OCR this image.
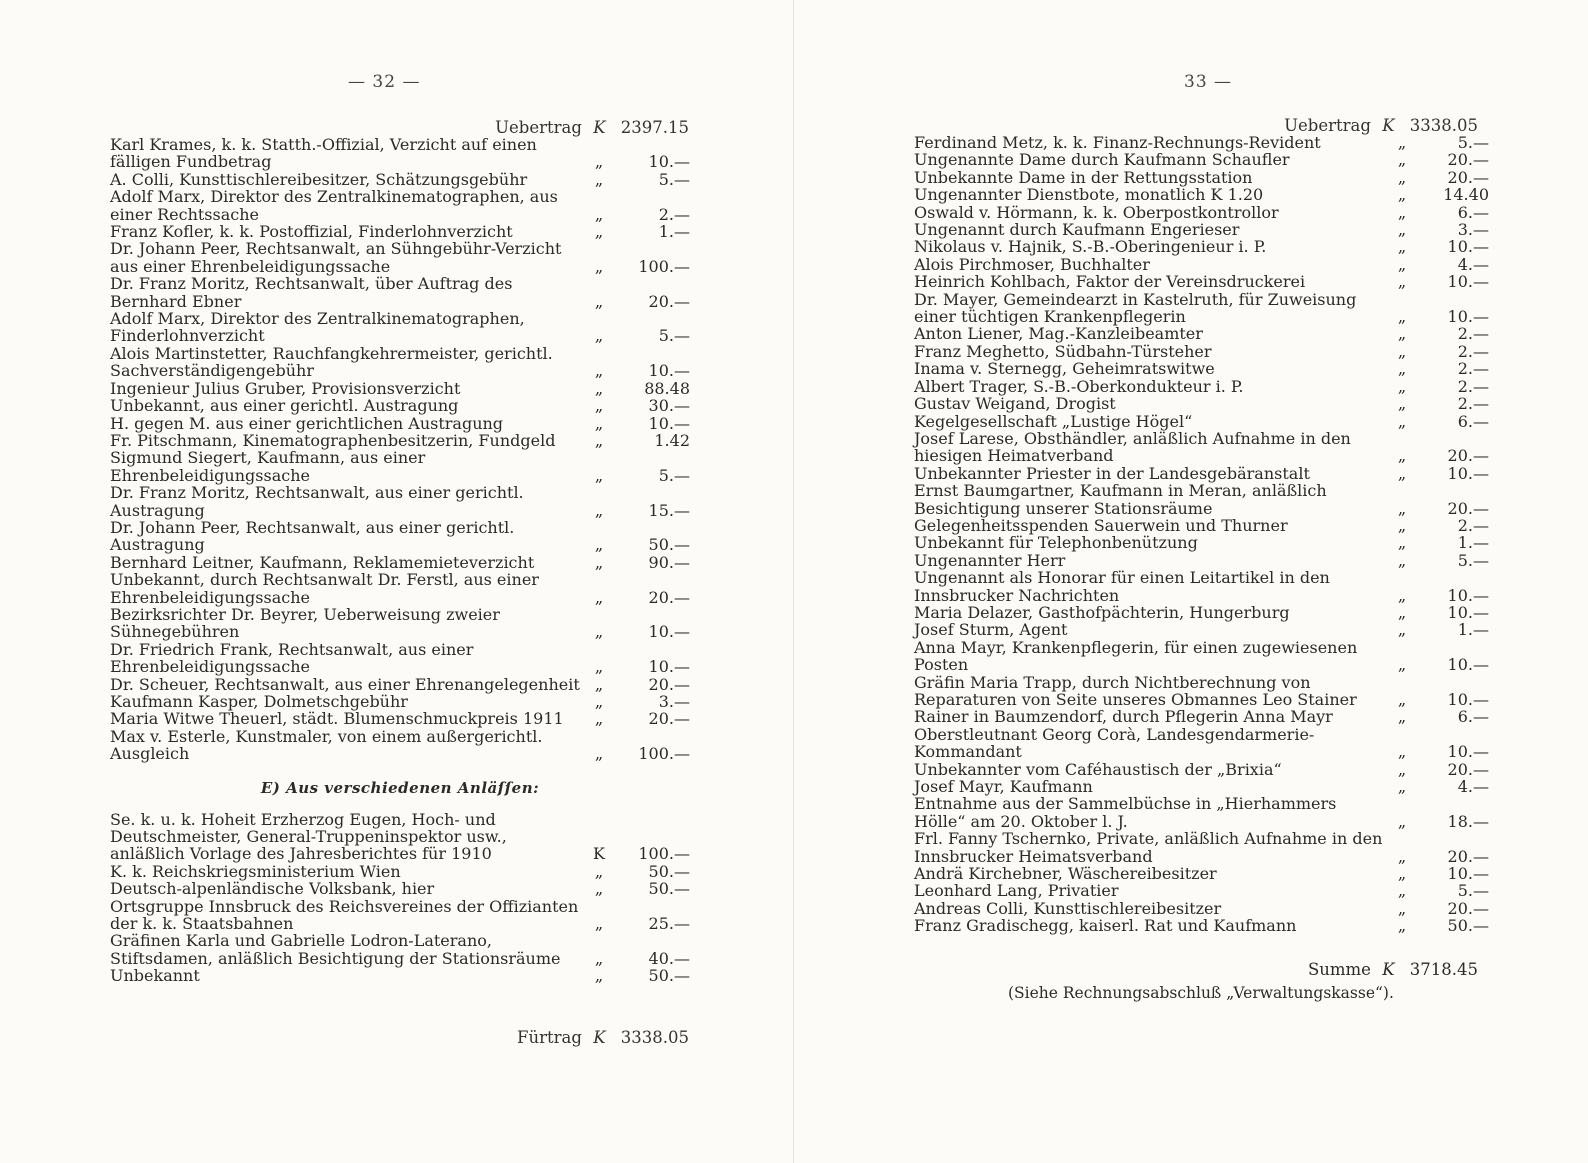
— 32 —
Uebertrag K 2397.15
Karl Krames, k. k. Statth.-Offizial, Verzicht auf einen fälligen Fundbetrag	„	10.—
A. Colli, Kunsttischlereibesitzer, Schätzungsgebühr	„	5.—
Adolf Marx, Direktor des Zentralkinematographen, aus einer Rechtssache	„	2.—
Franz Kofler, k. k. Postoffizial, Finderlohnverzicht	„	1.—
Dr. Johann Peer, Rechtsanwalt, an Sühngebühr-Verzicht aus einer Ehrenbeleidigungssache	„	100.—
Dr. Franz Moritz, Rechtsanwalt, über Auftrag des Bernhard Ebner	„	20.—
Adolf Marx, Direktor des Zentralkinematographen, Finderlohnverzicht	„	5.—
Alois Martinstetter, Rauchfangkehrermeister, gerichtl. Sachverständigengebühr	„	10.—
Ingenieur Julius Gruber, Provisionsverzicht	„	88.48
Unbekannt, aus einer gerichtl. Austragung	„	30.—
H. gegen M. aus einer gerichtlichen Austragung	„	10.—
Fr. Pitschmann, Kinematographenbesitzerin, Fundgeld	„	1.42
Sigmund Siegert, Kaufmann, aus einer Ehrenbeleidigungssache	„	5.—
Dr. Franz Moritz, Rechtsanwalt, aus einer gerichtl. Austragung	„	15.—
Dr. Johann Peer, Rechtsanwalt, aus einer gerichtl. Austragung	„	50.—
Bernhard Leitner, Kaufmann, Reklamemieteverzicht	„	90.—
Unbekannt, durch Rechtsanwalt Dr. Ferstl, aus einer Ehrenbeleidigungssache	„	20.—
Bezirksrichter Dr. Beyrer, Ueberweisung zweier Sühnegebühren	„	10.—
Dr. Friedrich Frank, Rechtsanwalt, aus einer Ehrenbeleidigungssache	„	10.—
Dr. Scheuer, Rechtsanwalt, aus einer Ehrenangelegenheit „	20.—
Kaufmann Kasper, Dolmetschgebühr	„	3.—
Maria Witwe Theuerl, städt. Blumenschmuckpreis 1911	„	20.—
Max v. Esterle, Kunstmaler, von einem außergerichtl. Ausgleich	„	100.—
E) Aus verschiedenen Anläſſen:
Se. k. u. k. Hoheit Erzherzog Eugen, Hoch- und Deutschmeister, General-Truppeninspektor usw., anläßlich Vorlage des Jahresberichtes für 1910	K	100.—
K. k. Reichskriegsministerium Wien	„	50.—
Deutsch-alpenländische Volksbank, hier	„	50.—
Ortsgruppe Innsbruck des Reichsvereines der Offizianten der k. k. Staatsbahnen	„	25.—
Gräfinen Karla und Gabrielle Lodron-Laterano, Stiftsdamen, anläßlich Besichtigung der Stationsräume	„	40.—
Unbekannt	„	50.—
Fürtrag K 3338.05
33 —
Uebertrag K 3338.05
Ferdinand Metz, k. k. Finanz-Rechnungs-Revident	„	5.—
Ungenannte Dame durch Kaufmann Schaufler	„	20.—
Unbekannte Dame in der Rettungsstation	„	20.—
Ungenannter Dienstbote, monatlich K 1.20	„	14.40
Oswald v. Hörmann, k. k. Oberpostkontrollor	„	6.—
Ungenannt durch Kaufmann Engerieser	„	3.—
Nikolaus v. Hajnik, S.-B.-Oberingenieur i. P.	„	10.—
Alois Pirchmoser, Buchhalter	„	4.—
Heinrich Kohlbach, Faktor der Vereinsdruckerei	„	10.—
Dr. Mayer, Gemeindearzt in Kastelruth, für Zuweisung einer tüchtigen Krankenpflegerin	„	10.—
Anton Liener, Mag.-Kanzleibeamter	„	2.—
Franz Meghetto, Südbahn-Türsteher	„	2.—
Inama v. Sternegg, Geheimratswitwe	„	2.—
Albert Trager, S.-B.-Oberkondukteur i. P.	„	2.—
Gustav Weigand, Drogist	„	2.—
Kegelgesellschaft „Lustige Högel“	„	6.—
Josef Larese, Obsthändler, anläßlich Aufnahme in den hiesigen Heimatverband	„	20.—
Unbekannter Priester in der Landesgebäranstalt	„	10.—
Ernst Baumgartner, Kaufmann in Meran, anläßlich Besichtigung unserer Stationsräume	„	20.—
Gelegenheitsspenden Sauerwein und Thurner	„	2.—
Unbekannt für Telephonbenützung	„	1.—
Ungenannter Herr	„	5.—
Ungenannt als Honorar für einen Leitartikel in den Innsbrucker Nachrichten	„	10.—
Maria Delazer, Gasthofpächterin, Hungerburg	„	10.—
Josef Sturm, Agent	„	1.—
Anna Mayr, Krankenpflegerin, für einen zugewiesenen Posten	„	10.—
Gräfin Maria Trapp, durch Nichtberechnung von Reparaturen von Seite unseres Obmannes Leo Stainer	„	10.—
Rainer in Baumzendorf, durch Pflegerin Anna Mayr	„	6.—
Oberstleutnant Georg Corà, Landesgendarmerie-Kommandant	„	10.—
Unbekannter vom Caféhaustisch der „Brixia“	„	20.—
Josef Mayr, Kaufmann	„	4.—
Entnahme aus der Sammelbüchse in „Hierhammers Hölle“ am 20. Oktober l. J.	„	18.—
Frl. Fanny Tschernko, Private, anläßlich Aufnahme in den Innsbrucker Heimatsverband	„	20.—
Andrä Kirchebner, Wäschereibesitzer	„	10.—
Leonhard Lang, Privatier	„	5.—
Andreas Colli, Kunsttischlereibesitzer	„	20.—
Franz Gradischegg, kaiserl. Rat und Kaufmann	„	50.—
Summe K 3718.45
(Siehe Rechnungsabschluß „Verwaltungskasse“).
